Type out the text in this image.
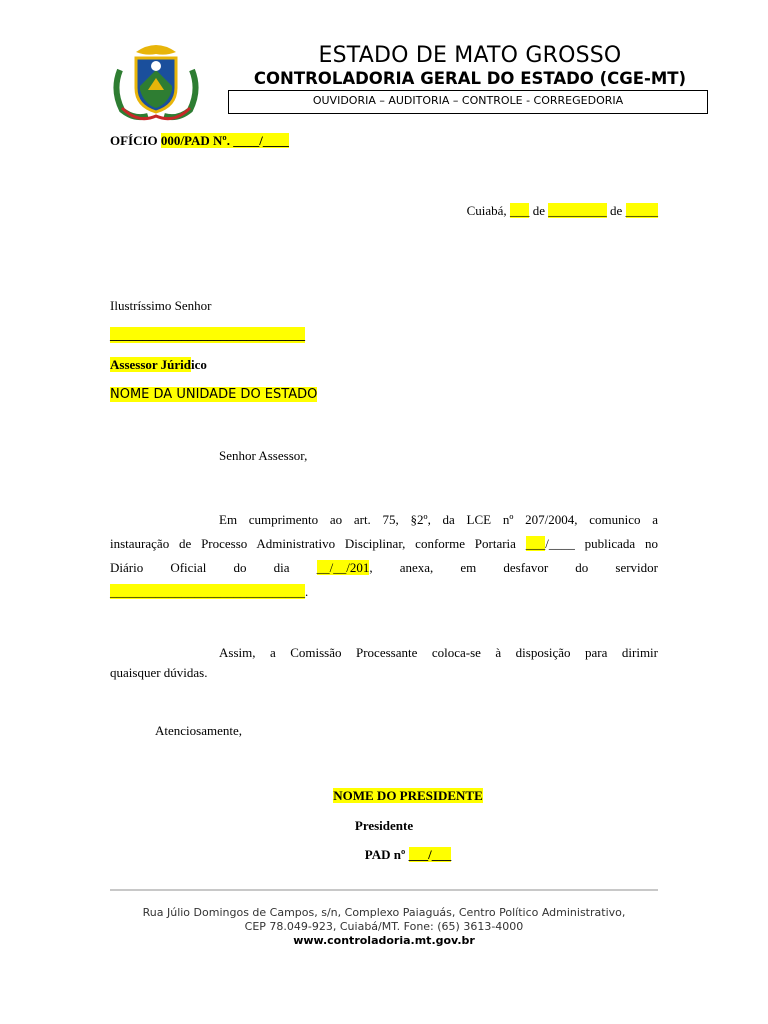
ESTADO DE MATO GROSSO
CONTROLADORIA GERAL DO ESTADO (CGE-MT)
OUVIDORIA – AUDITORIA – CONTROLE - CORREGEDORIA
OFÍCIO 000/PAD Nº. ____/____
Cuiabá, ___ de _________ de _____
Ilustríssimo Senhor
______________________________
Assessor Júridico
NOME DA UNIDADE DO ESTADO
Senhor Assessor,
Em cumprimento ao art. 75, §2º, da LCE nº 207/2004, comunico a
instauração de Processo Administrativo Disciplinar, conforme Portaria ___/____ publicada no
Diário Oficial do dia __/__/201, anexa, em desfavor do servidor
______________________________.
Assim, a Comissão Processante coloca-se à disposição para dirimir
quaisquer dúvidas.
Atenciosamente,
NOME DO PRESIDENTE
Presidente
PAD nº ___/___
Rua Júlio Domingos de Campos, s/n, Complexo Paiaguás, Centro Político Administrativo,
CEP 78.049-923, Cuiabá/MT. Fone: (65) 3613-4000
www.controladoria.mt.gov.br
